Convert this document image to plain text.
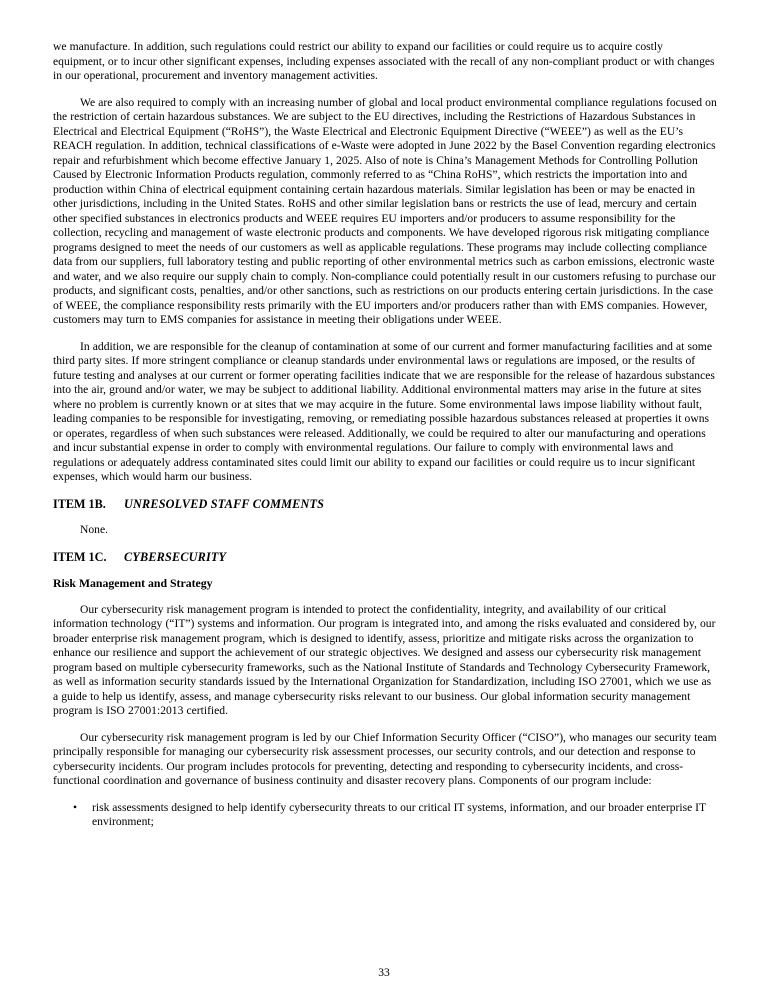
we manufacture. In addition, such regulations could restrict our ability to expand our facilities or could require us to acquire costly equipment, or to incur other significant expenses, including expenses associated with the recall of any non-compliant product or with changes in our operational, procurement and inventory management activities.

We are also required to comply with an increasing number of global and local product environmental compliance regulations focused on the restriction of certain hazardous substances. We are subject to the EU directives, including the Restrictions of Hazardous Substances in Electrical and Electrical Equipment (“RoHS”), the Waste Electrical and Electronic Equipment Directive (“WEEE”) as well as the EU’s REACH regulation. In addition, technical classifications of e-Waste were adopted in June 2022 by the Basel Convention regarding electronics repair and refurbishment which become effective January 1, 2025. Also of note is China’s Management Methods for Controlling Pollution Caused by Electronic Information Products regulation, commonly referred to as “China RoHS”, which restricts the importation into and production within China of electrical equipment containing certain hazardous materials. Similar legislation has been or may be enacted in other jurisdictions, including in the United States. RoHS and other similar legislation bans or restricts the use of lead, mercury and certain other specified substances in electronics products and WEEE requires EU importers and/or producers to assume responsibility for the collection, recycling and management of waste electronic products and components. We have developed rigorous risk mitigating compliance programs designed to meet the needs of our customers as well as applicable regulations. These programs may include collecting compliance data from our suppliers, full laboratory testing and public reporting of other environmental metrics such as carbon emissions, electronic waste and water, and we also require our supply chain to comply. Non-compliance could potentially result in our customers refusing to purchase our products, and significant costs, penalties, and/or other sanctions, such as restrictions on our products entering certain jurisdictions. In the case of WEEE, the compliance responsibility rests primarily with the EU importers and/or producers rather than with EMS companies. However, customers may turn to EMS companies for assistance in meeting their obligations under WEEE.

In addition, we are responsible for the cleanup of contamination at some of our current and former manufacturing facilities and at some third party sites. If more stringent compliance or cleanup standards under environmental laws or regulations are imposed, or the results of future testing and analyses at our current or former operating facilities indicate that we are responsible for the release of hazardous substances into the air, ground and/or water, we may be subject to additional liability. Additional environmental matters may arise in the future at sites where no problem is currently known or at sites that we may acquire in the future. Some environmental laws impose liability without fault, leading companies to be responsible for investigating, removing, or remediating possible hazardous substances released at properties it owns or operates, regardless of when such substances were released. Additionally, we could be required to alter our manufacturing and operations and incur substantial expense in order to comply with environmental regulations. Our failure to comply with environmental laws and regulations or adequately address contaminated sites could limit our ability to expand our facilities or could require us to incur significant expenses, which would harm our business.

ITEM 1B. UNRESOLVED STAFF COMMENTS

None.

ITEM 1C. CYBERSECURITY

Risk Management and Strategy

Our cybersecurity risk management program is intended to protect the confidentiality, integrity, and availability of our critical information technology (“IT”) systems and information. Our program is integrated into, and among the risks evaluated and considered by, our broader enterprise risk management program, which is designed to identify, assess, prioritize and mitigate risks across the organization to enhance our resilience and support the achievement of our strategic objectives. We designed and assess our cybersecurity risk management program based on multiple cybersecurity frameworks, such as the National Institute of Standards and Technology Cybersecurity Framework, as well as information security standards issued by the International Organization for Standardization, including ISO 27001, which we use as a guide to help us identify, assess, and manage cybersecurity risks relevant to our business. Our global information security management program is ISO 27001:2013 certified.

Our cybersecurity risk management program is led by our Chief Information Security Officer (“CISO”), who manages our security team principally responsible for managing our cybersecurity risk assessment processes, our security controls, and our detection and response to cybersecurity incidents. Our program includes protocols for preventing, detecting and responding to cybersecurity incidents, and cross-functional coordination and governance of business continuity and disaster recovery plans. Components of our program include:

•	risk assessments designed to help identify cybersecurity threats to our critical IT systems, information, and our broader enterprise IT environment;
33
